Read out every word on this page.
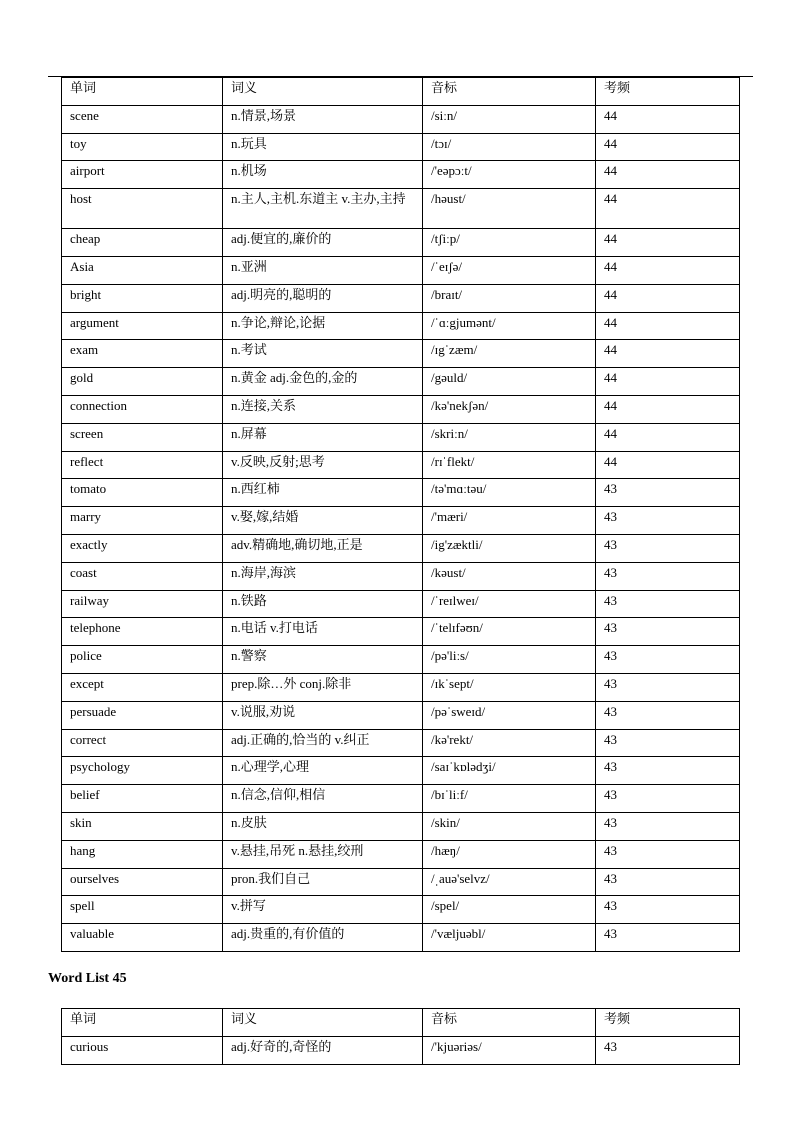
单词	词义	音标	考频
scene	n.情景,场景	/siːn/	44
toy	n.玩具	/tɔɪ/	44
airport	n.机场	/'eəpɔːt/	44
host	n.主人,主机.东道主 v.主办,主持	/həust/	44
cheap	adj.便宜的,廉价的	/tʃiːp/	44
Asia	n.亚洲	/ˈeɪʃə/	44
bright	adj.明亮的,聪明的	/braɪt/	44
argument	n.争论,辩论,论据	/ˈɑːgjumənt/	44
exam	n.考试	/ɪgˈzæm/	44
gold	n.黄金 adj.金色的,金的	/gəuld/	44
connection	n.连接,关系	/kə'nekʃən/	44
screen	n.屏幕	/skriːn/	44
reflect	v.反映,反射;思考	/rɪˈflekt/	44
tomato	n.西红柿	/tə'mɑːtəu/	43
marry	v.娶,嫁,结婚	/'mæri/	43
exactly	adv.精确地,确切地,正是	/ig'zæktli/	43
coast	n.海岸,海滨	/kəust/	43
railway	n.铁路	/ˈreɪlweɪ/	43
telephone	n.电话 v.打电话	/ˈtelɪfəʊn/	43
police	n.警察	/pə'liːs/	43
except	prep.除…外 conj.除非	/ɪkˈsept/	43
persuade	v.说服,劝说	/pəˈsweɪd/	43
correct	adj.正确的,恰当的 v.纠正	/kə'rekt/	43
psychology	n.心理学,心理	/saɪˈkɒlədʒi/	43
belief	n.信念,信仰,相信	/bɪˈliːf/	43
skin	n.皮肤	/skin/	43
hang	v.悬挂,吊死 n.悬挂,绞刑	/hæŋ/	43
ourselves	pron.我们自己	/ˌauə'selvz/	43
spell	v.拼写	/spel/	43
valuable	adj.贵重的,有价值的	/'væljuəbl/	43
Word List 45
单词	词义	音标	考频
curious	adj.好奇的,奇怪的	/'kjuəriəs/	43
